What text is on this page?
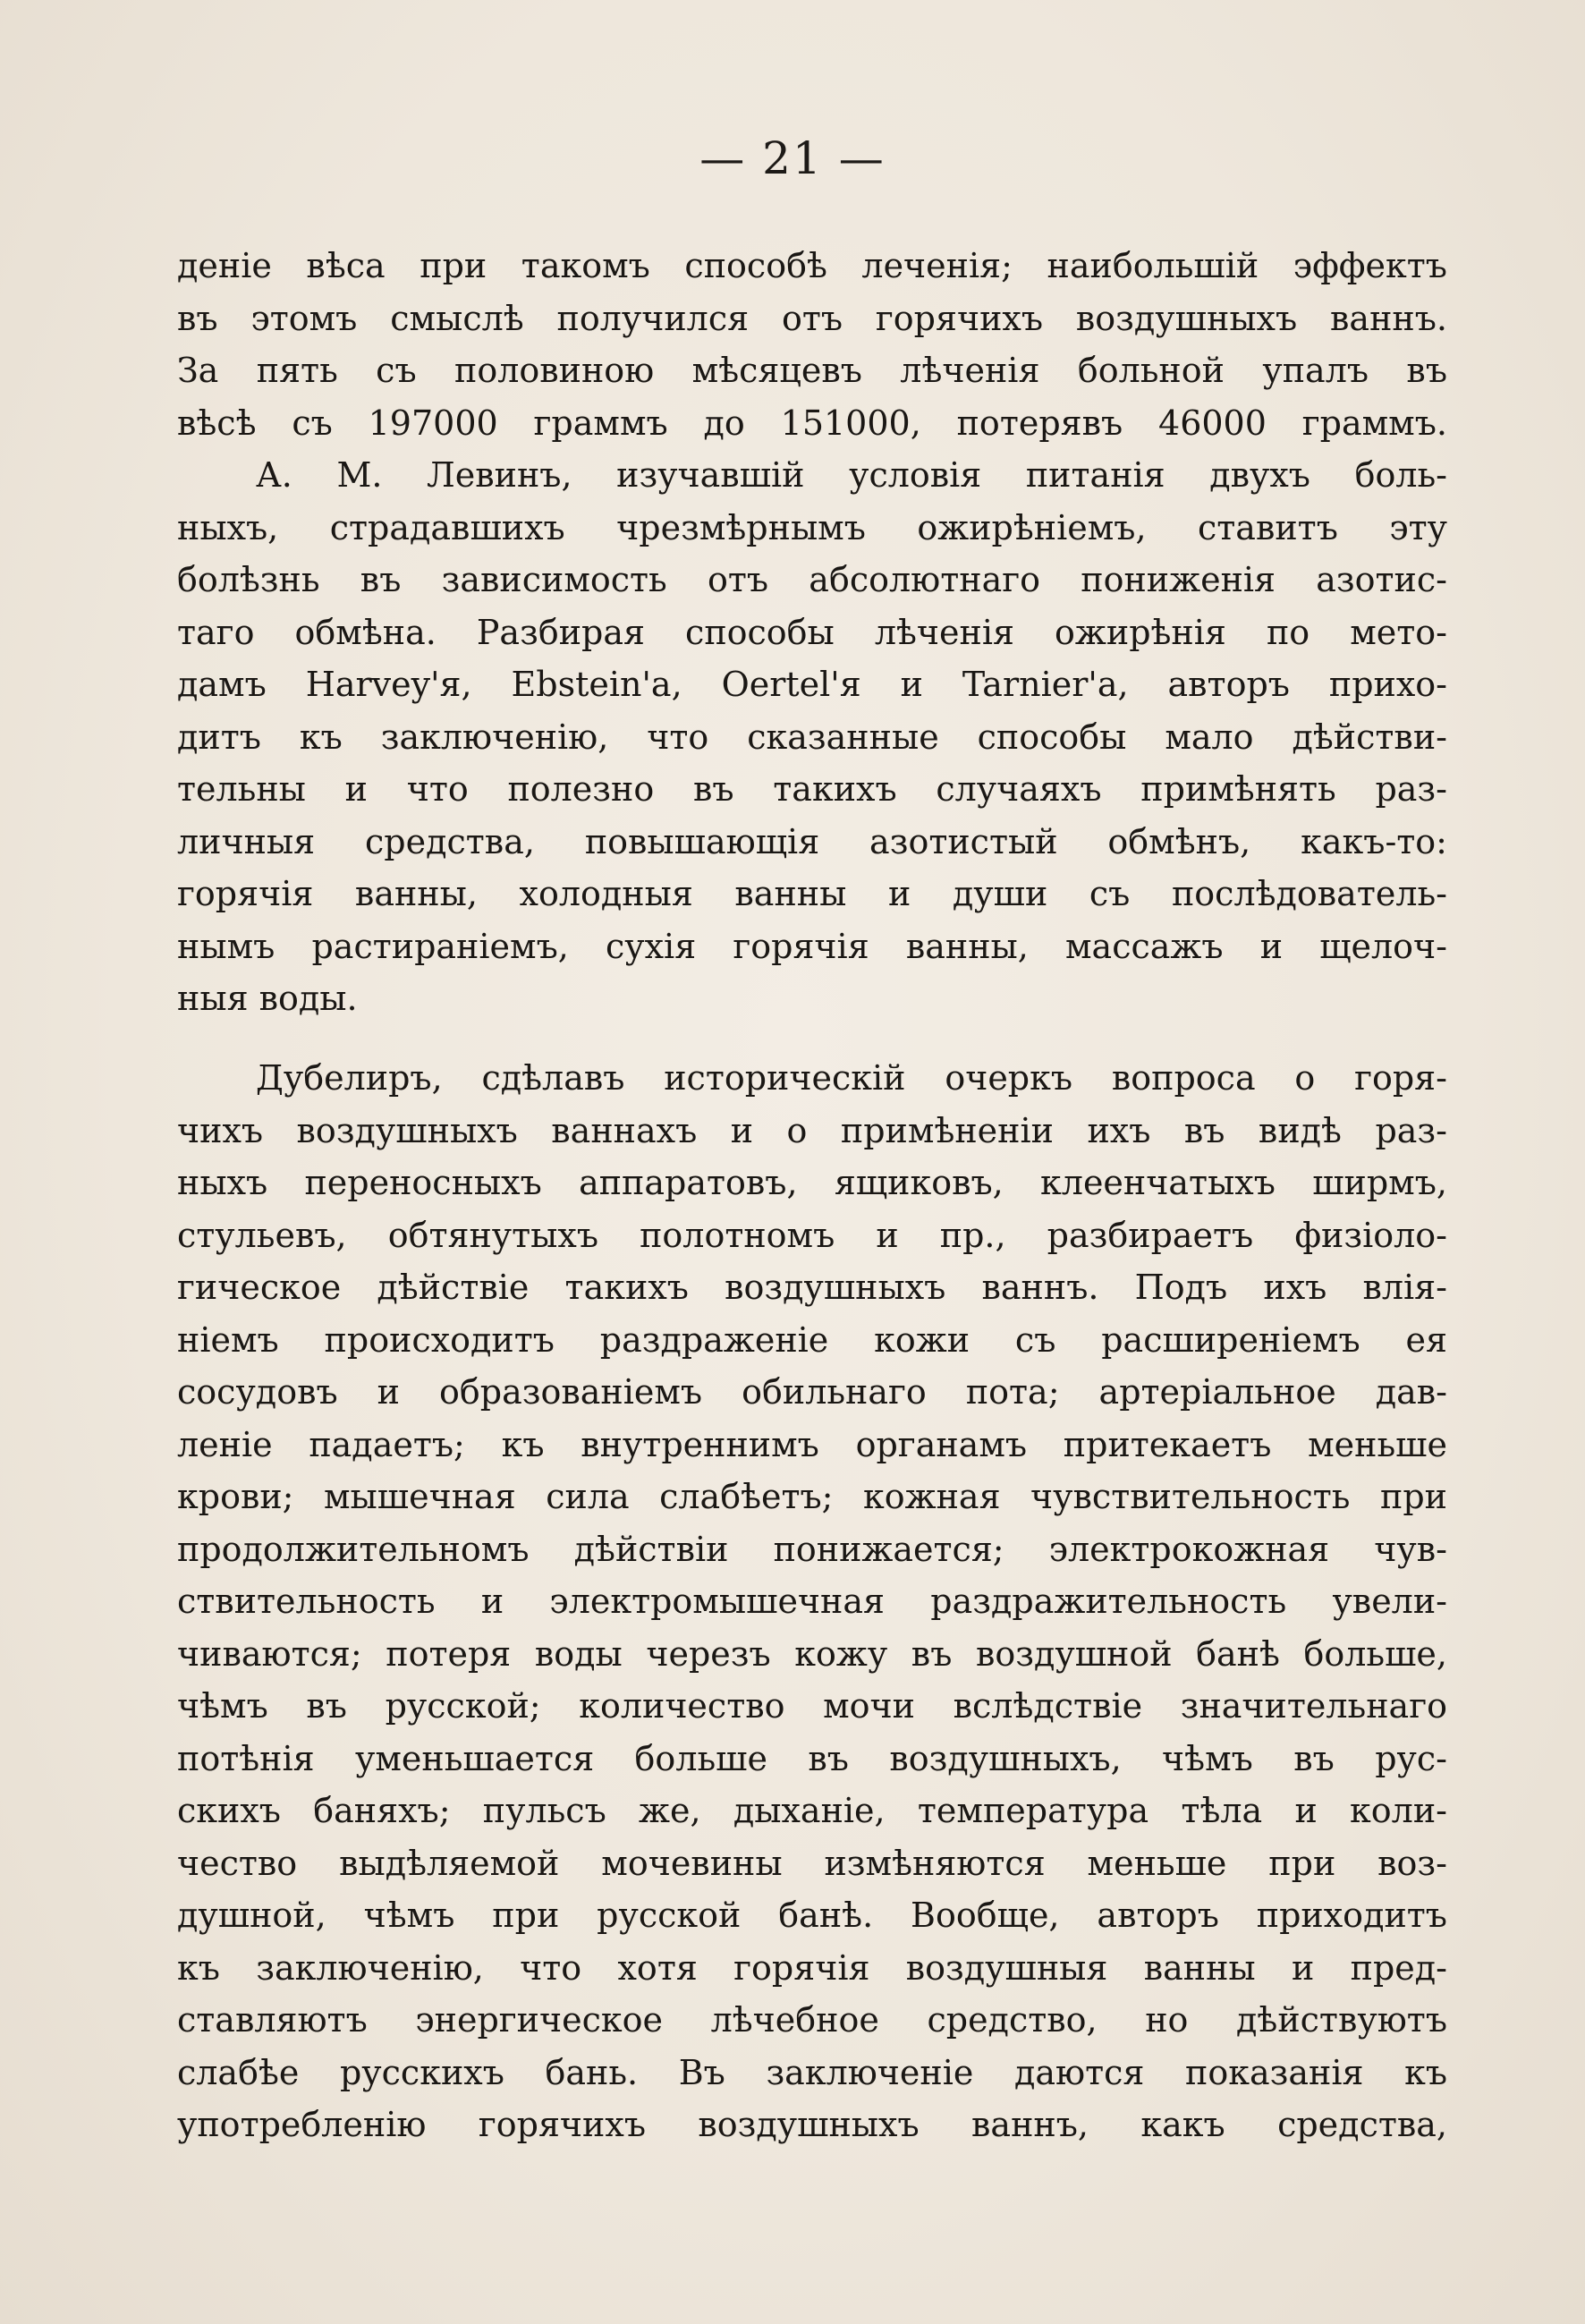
— 21 —
деніе вѣса при такомъ способѣ леченія; наибольшій эффектъ
въ этомъ смыслѣ получился отъ горячихъ воздушныхъ ваннъ.
За пять съ половиною мѣсяцевъ лѣченія больной упалъ въ
вѣсѣ съ 197000 граммъ до 151000, потерявъ 46000 граммъ.
А. М. Левинъ, изучавшій условія питанія двухъ боль-
ныхъ, страдавшихъ чрезмѣрнымъ ожирѣніемъ, ставитъ эту
болѣзнь въ зависимость отъ абсолютнаго пониженія азотис-
таго обмѣна. Разбирая способы лѣченія ожирѣнія по мето-
дамъ Harvey'я, Ebstein'a, Oertel'я и Tarnier'a, авторъ прихо-
дитъ къ заключенію, что сказанные способы мало дѣйстви-
тельны и что полезно въ такихъ случаяхъ примѣнять раз-
личныя средства, повышающія азотистый обмѣнъ, какъ-то:
горячія ванны, холодныя ванны и души съ послѣдователь-
нымъ растираніемъ, сухія горячія ванны, массажъ и щелоч-
ныя воды.
Дубелиръ, сдѣлавъ историческій очеркъ вопроса о горя-
чихъ воздушныхъ ваннахъ и о примѣненіи ихъ въ видѣ раз-
ныхъ переносныхъ аппаратовъ, ящиковъ, клеенчатыхъ ширмъ,
стульевъ, обтянутыхъ полотномъ и пр., разбираетъ физіоло-
гическое дѣйствіе такихъ воздушныхъ ваннъ. Подъ ихъ влія-
ніемъ происходитъ раздраженіе кожи съ расширеніемъ ея
сосудовъ и образованіемъ обильнаго пота; артеріальное дав-
леніе падаетъ; къ внутреннимъ органамъ притекаетъ меньше
крови; мышечная сила слабѣетъ; кожная чувствительность при
продолжительномъ дѣйствіи понижается; электрокожная чув-
ствительность и электромышечная раздражительность увели-
чиваются; потеря воды черезъ кожу въ воздушной банѣ больше,
чѣмъ въ русской; количество мочи вслѣдствіе значительнаго
потѣнія уменьшается больше въ воздушныхъ, чѣмъ въ рус-
скихъ баняхъ; пульсъ же, дыханіе, температура тѣла и коли-
чество выдѣляемой мочевины измѣняются меньше при воз-
душной, чѣмъ при русской банѣ. Вообще, авторъ приходитъ
къ заключенію, что хотя горячія воздушныя ванны и пред-
ставляютъ энергическое лѣчебное средство, но дѣйствуютъ
слабѣе русскихъ бань. Въ заключеніе даются показанія къ
употребленію горячихъ воздушныхъ ваннъ, какъ средства,
